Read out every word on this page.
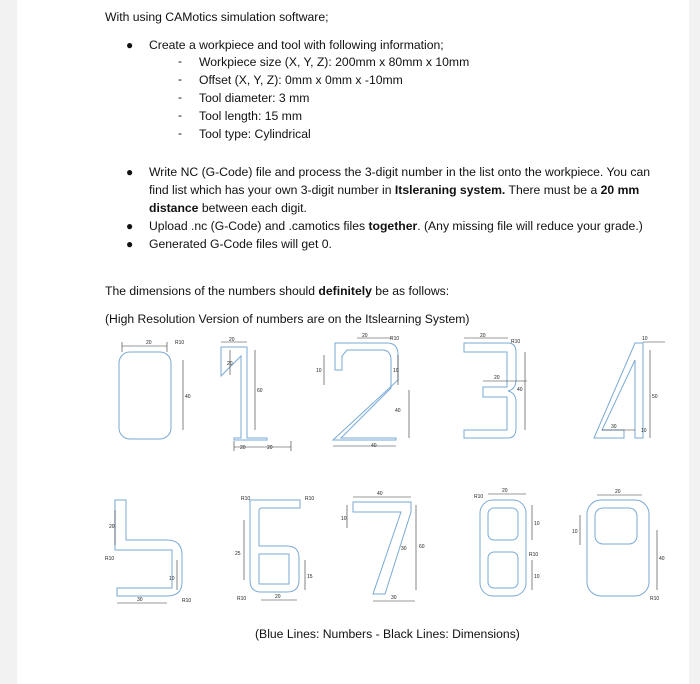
With using CAMotics simulation software;
● Create a workpiece and tool with following information;
- Workpiece size (X, Y, Z): 200mm x 80mm x 10mm
- Offset (X, Y, Z): 0mm x 0mm x -10mm
- Tool diameter: 3 mm
- Tool length: 15 mm
- Tool type: Cylindrical
● Write NC (G-Code) file and process the 3-digit number in the list onto the workpiece. You can
find list which has your own 3-digit number in Itsleraning system. There must be a 20 mm
distance between each digit.
● Upload .nc (G-Code) and .camotics files together. (Any missing file will reduce your grade.)
● Generated G-Code files will get 0.
The dimensions of the numbers should definitely be as follows:
(High Resolution Version of numbers are on the Itslearning System)
20	R10
40
20
20
60
20	20
20	R10
10	10
40
40
20
R10
20
40
10
50
30
10
20
R10
10
30	R10
R10	R10
25
15
R10	20
40
10
30 60
30
R10
20
10
R10
10
20
10
40
R10
(Blue Lines: Numbers - Black Lines: Dimensions)
